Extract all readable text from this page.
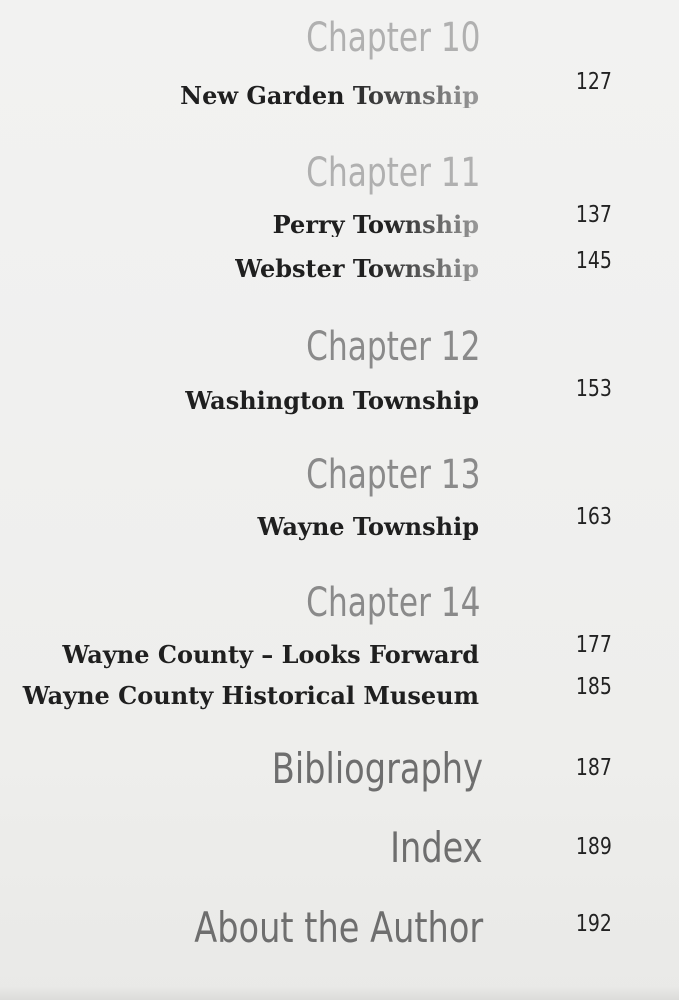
Chapter 10
New Garden Township	127
Chapter 11
Perry Township	137
Webster Township	145
Chapter 12
Washington Township	153
Chapter 13
Wayne Township	163
Chapter 14
Wayne County – Looks Forward	177
Wayne County Historical Museum	185
Bibliography	187
Index	189
About the Author	192
